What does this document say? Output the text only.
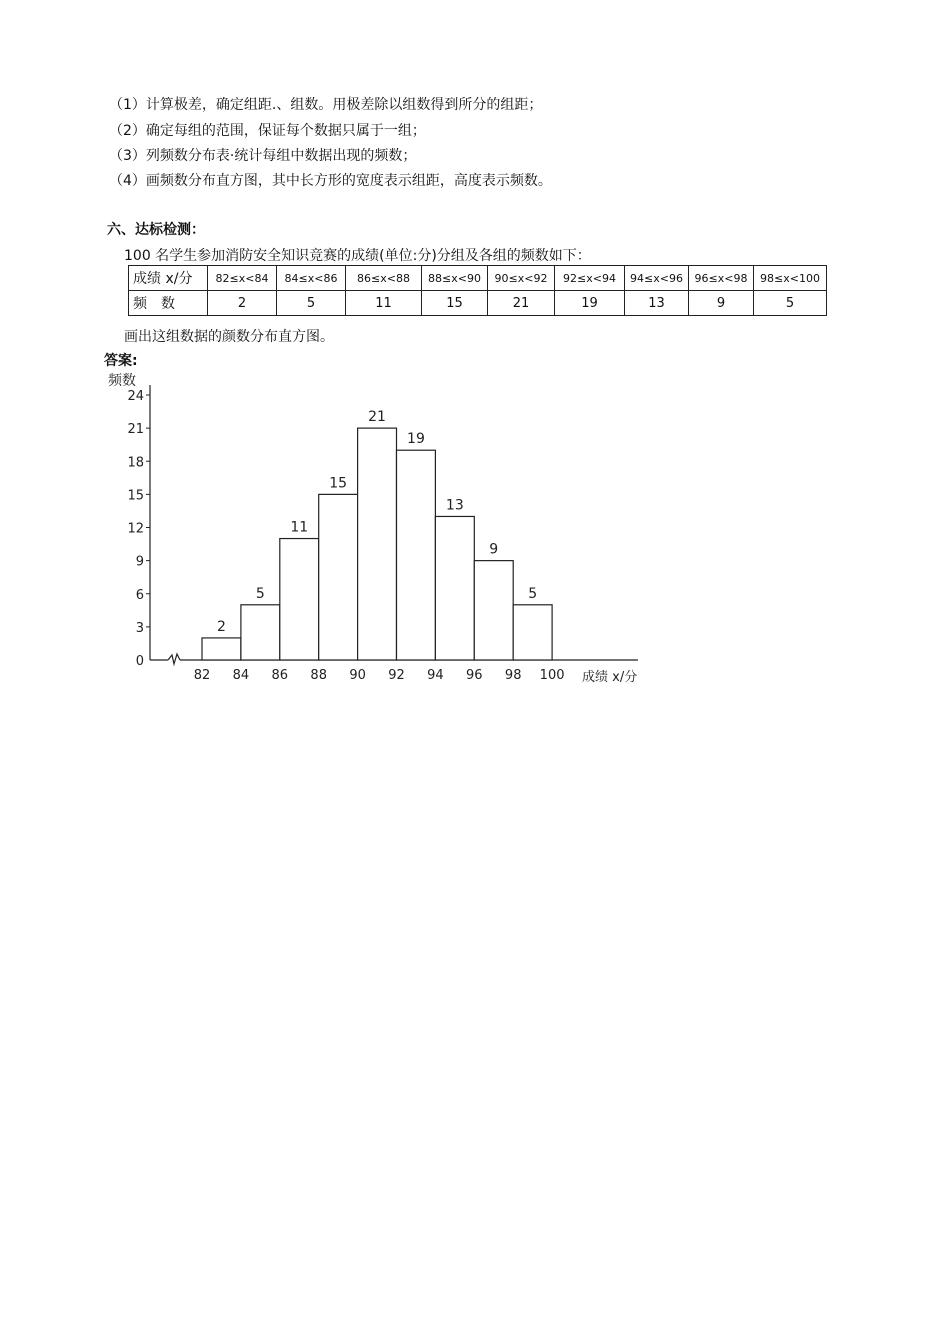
（1）计算极差，确定组距.、组数。用极差除以组数得到所分的组距；
（2）确定每组的范围，保证每个数据只属于一组；
（3）列频数分布表·统计每组中数据出现的频数；
（4）画频数分布直方图，其中长方形的宽度表示组距，高度表示频数。
六、达标检测：
100 名学生参加消防安全知识竞赛的成绩(单位:分)分组及各组的频数如下：
成绩 x/分	82≤x<84	84≤x<86	86≤x<88	88≤x<90	90≤x<92	92≤x<94	94≤x<96	96≤x<98	98≤x<100
频　数	2	5	11	15	21	19	13	9	5
画出这组数据的颜数分布直方图。
答案:
频数
0
3
6
9
12
15
18
21
24
2
5
11
15
21
19
13
9
5
82 84 86 88 90 92 94 96 98 100 成绩 x/分
